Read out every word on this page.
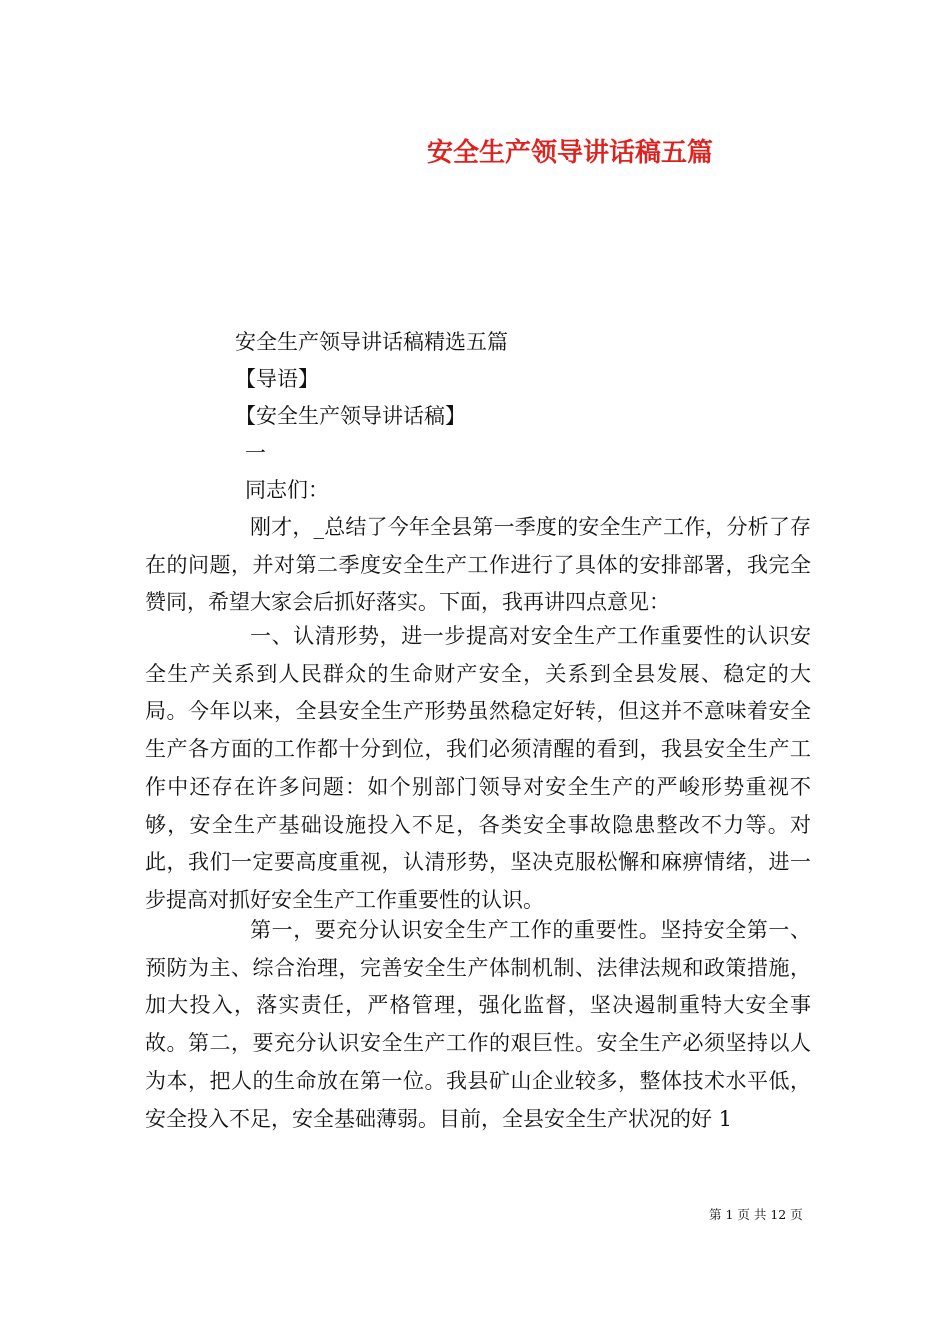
安全生产领导讲话稿五篇
安全生产领导讲话稿精选五篇
【导语】
【安全生产领导讲话稿】
一
同志们：

刚才，_总结了今年全县第一季度的安全生产工作，分析了存在的问题，并对第二季度安全生产工作进行了具体的安排部署，我完全赞同，希望大家会后抓好落实。下面，我再讲四点意见：

一、认清形势，进一步提高对安全生产工作重要性的认识安全生产关系到人民群众的生命财产安全，关系到全县发展、稳定的大局。今年以来，全县安全生产形势虽然稳定好转，但这并不意味着安全生产各方面的工作都十分到位，我们必须清醒的看到，我县安全生产工作中还存在许多问题：如个别部门领导对安全生产的严峻形势重视不够，安全生产基础设施投入不足，各类安全事故隐患整改不力等。对此，我们一定要高度重视，认清形势，坚决克服松懈和麻痹情绪，进一步提高对抓好安全生产工作重要性的认识。

第一，要充分认识安全生产工作的重要性。坚持安全第一、预防为主、综合治理，完善安全生产体制机制、法律法规和政策措施，加大投入，落实责任，严格管理，强化监督，坚决遏制重特大安全事故。第二，要充分认识安全生产工作的艰巨性。安全生产必须坚持以人为本，把人的生命放在第一位。我县矿山企业较多，整体技术水平低，安全投入不足，安全基础薄弱。目前，全县安全生产状况的好 1

第 1 页 共 12 页
